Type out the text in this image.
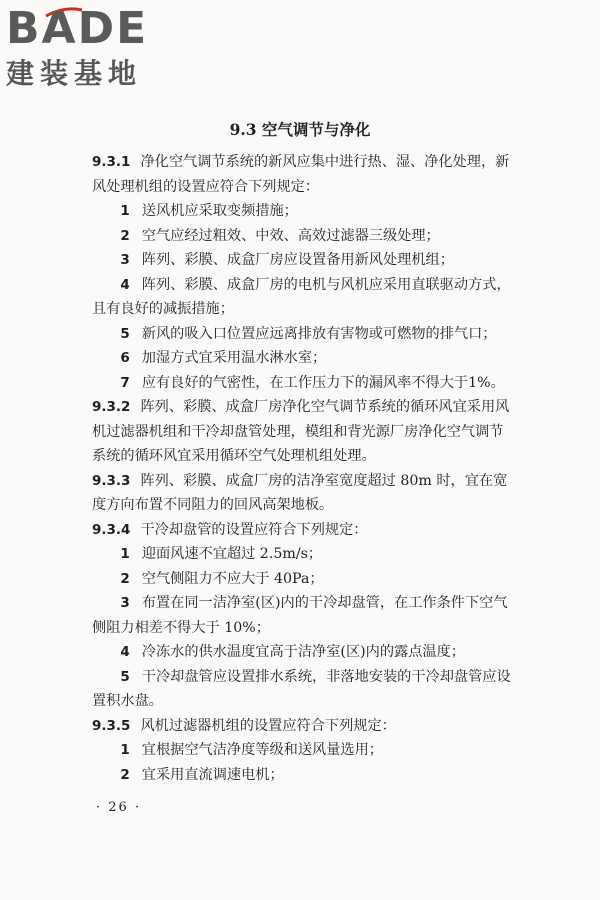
BADE
建装基地
9.3 空气调节与净化

9.3.1 净化空气调节系统的新风应集中进行热、湿、净化处理，新风处理机组的设置应符合下列规定：

1 送风机应采取变频措施；

2 空气应经过粗效、中效、高效过滤器三级处理；

3 阵列、彩膜、成盒厂房应设置备用新风处理机组；

4 阵列、彩膜、成盒厂房的电机与风机应采用直联驱动方式，且有良好的减振措施；

5 新风的吸入口位置应远离排放有害物或可燃物的排气口；

6 加湿方式宜采用温水淋水室；

7 应有良好的气密性，在工作压力下的漏风率不得大于1%。

9.3.2 阵列、彩膜、成盒厂房净化空气调节系统的循环风宜采用风机过滤器机组和干冷却盘管处理，模组和背光源厂房净化空气调节系统的循环风宜采用循环空气处理机组处理。

9.3.3 阵列、彩膜、成盒厂房的洁净室宽度超过 80m 时，宜在宽度方向布置不同阻力的回风高架地板。

9.3.4 干冷却盘管的设置应符合下列规定：

1 迎面风速不宜超过 2.5m/s；

2 空气侧阻力不应大于 40Pa；

3 布置在同一洁净室(区)内的干冷却盘管，在工作条件下空气侧阻力相差不得大于 10%；

4 冷冻水的供水温度宜高于洁净室(区)内的露点温度；

5 干冷却盘管应设置排水系统，非落地安装的干冷却盘管应设置积水盘。

9.3.5 风机过滤器机组的设置应符合下列规定：

1 宜根据空气洁净度等级和送风量选用；

2 宜采用直流调速电机；

· 26 ·
